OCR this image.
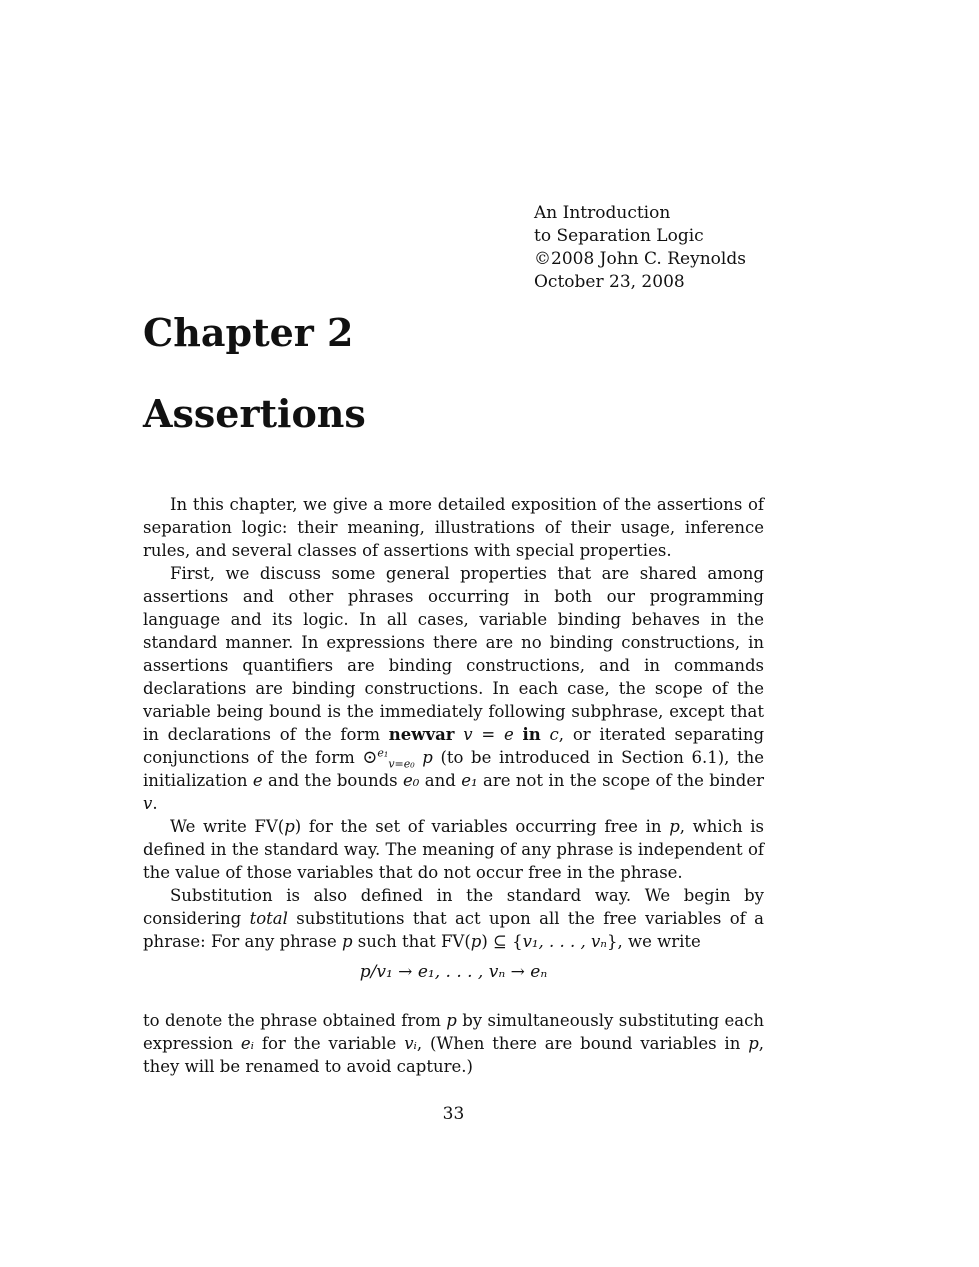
An Introduction
to Separation Logic
©2008 John C. Reynolds
October 23, 2008
Chapter 2
Assertions

In this chapter, we give a more detailed exposition of the assertions of separation logic: their meaning, illustrations of their usage, inference rules, and several classes of assertions with special properties.

First, we discuss some general properties that are shared among assertions and other phrases occurring in both our programming language and its logic. In all cases, variable binding behaves in the standard manner. In expressions there are no binding constructions, in assertions quantifiers are binding constructions, and in commands declarations are binding constructions. In each case, the scope of the variable being bound is the immediately following subphrase, except that in declarations of the form newvar v = e in c, or iterated separating conjunctions of the form ⊙$^{e_1}_{v=e_0}$ p (to be introduced in Section 6.1), the initialization e and the bounds e₀ and e₁ are not in the scope of the binder v.

We write FV(p) for the set of variables occurring free in p, which is defined in the standard way. The meaning of any phrase is independent of the value of those variables that do not occur free in the phrase.

Substitution is also defined in the standard way. We begin by considering total substitutions that act upon all the free variables of a phrase: For any phrase p such that FV(p) ⊆ {v₁, . . . , vₙ}, we write

p/v₁ → e₁, . . . , vₙ → eₙ

to denote the phrase obtained from p by simultaneously substituting each expression eᵢ for the variable vᵢ, (When there are bound variables in p, they will be renamed to avoid capture.)

33
